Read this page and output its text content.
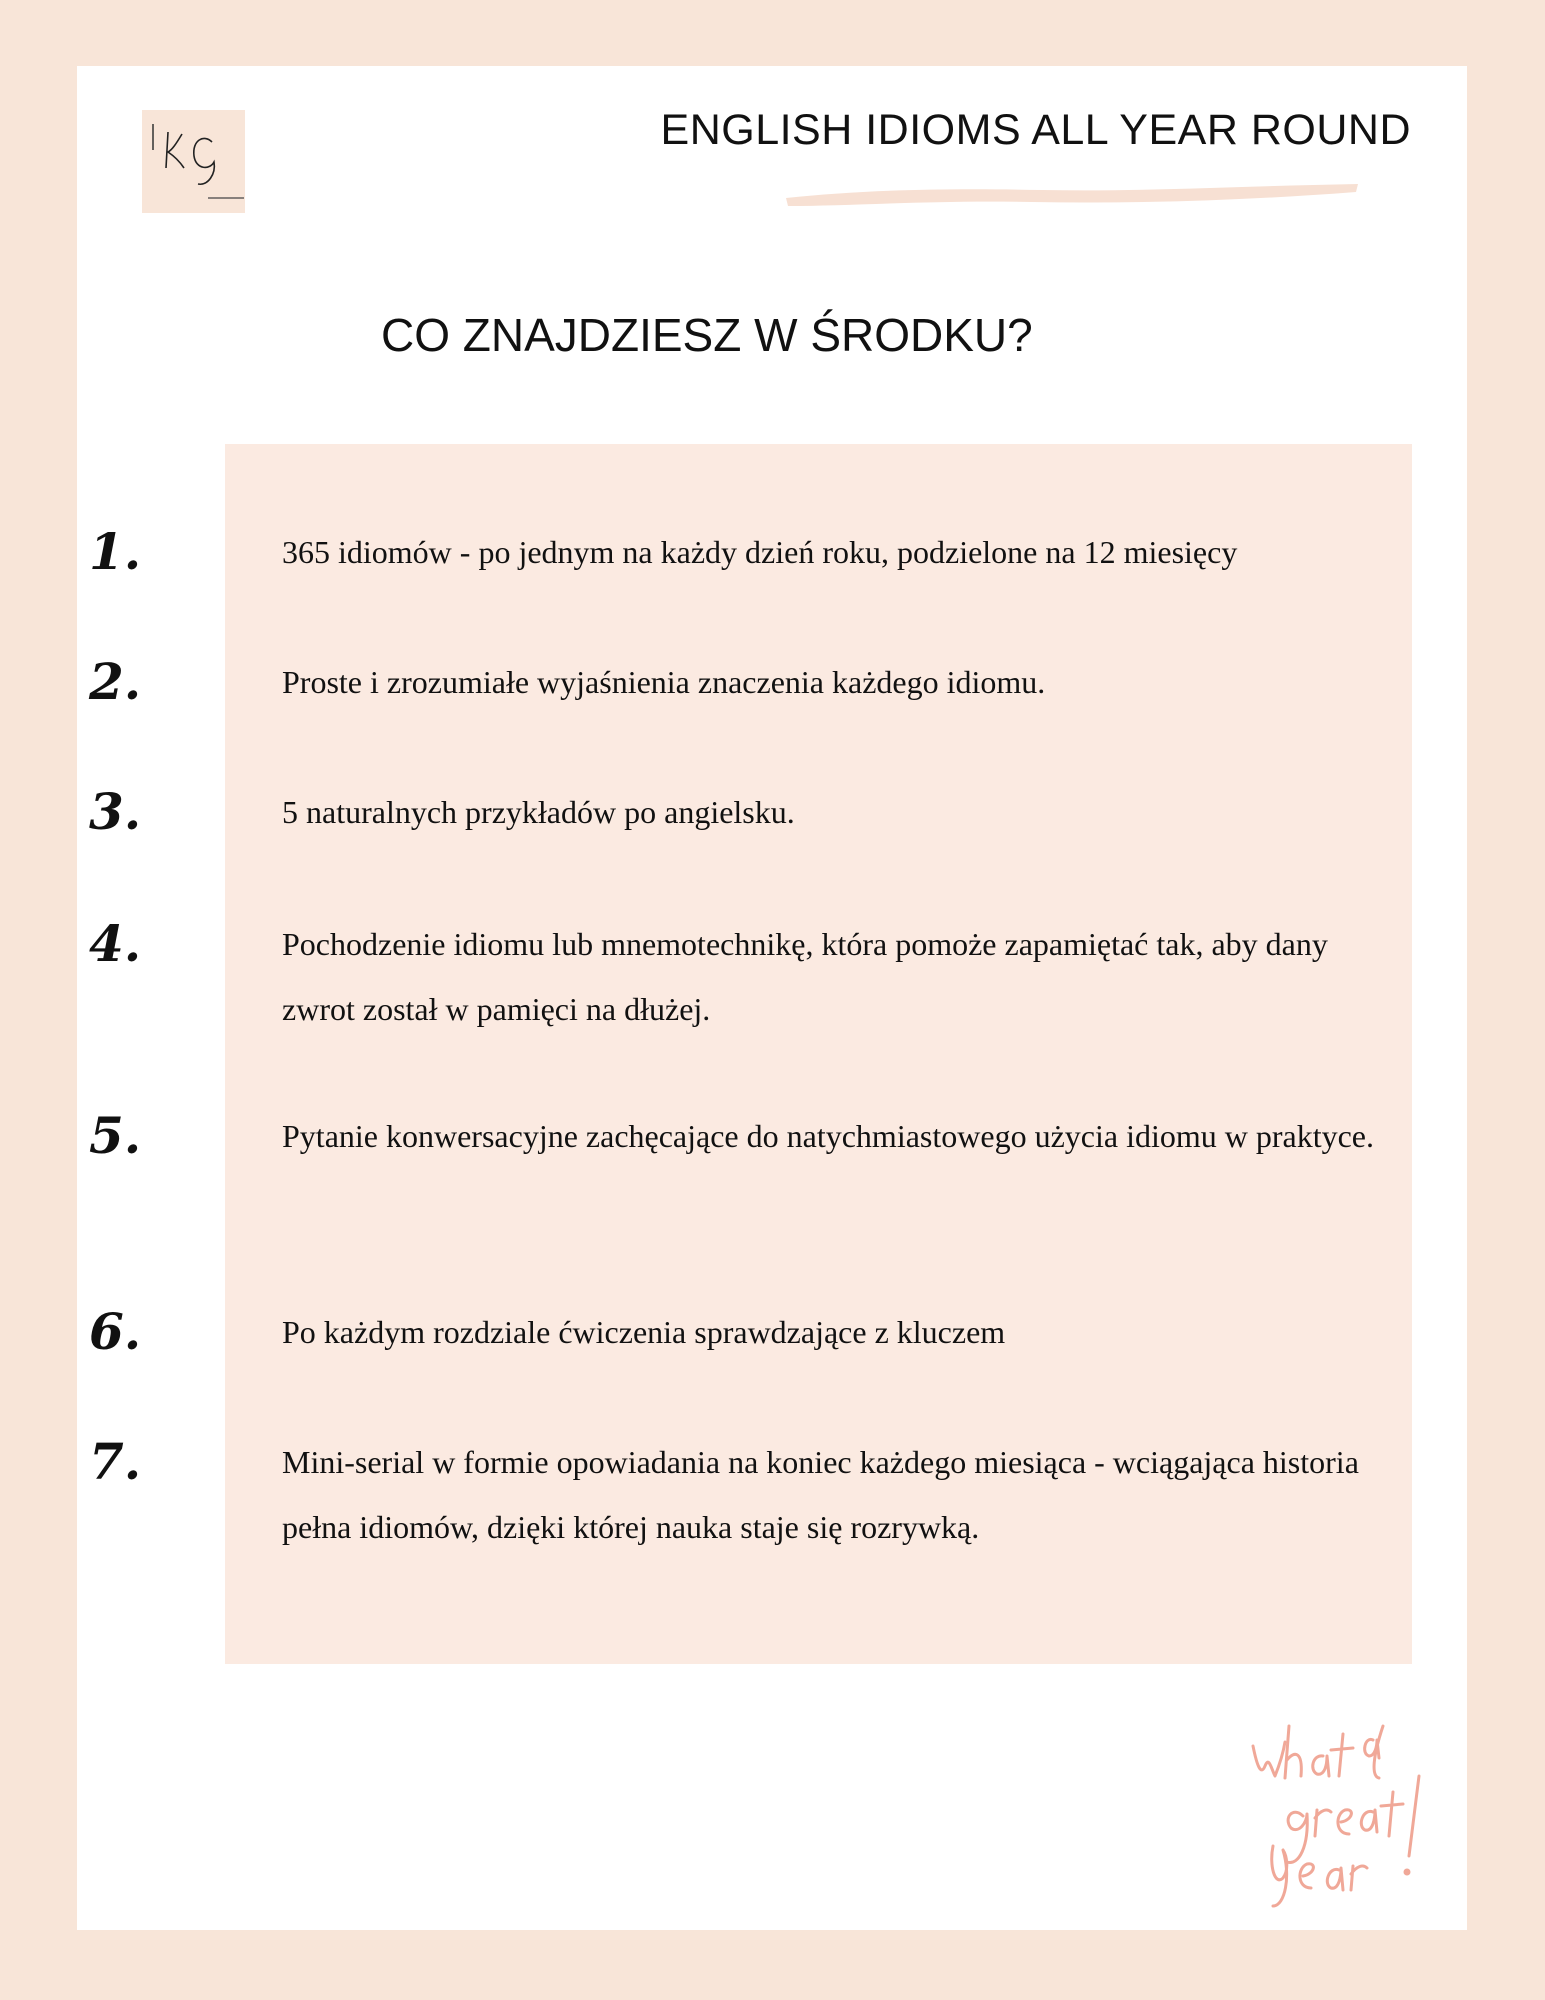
ENGLISH IDIOMS ALL YEAR ROUND
CO ZNAJDZIESZ W ŚRODKU?
1.	365 idiomów - po jednym na każdy dzień roku, podzielone na 12 miesięcy
2.	Proste i zrozumiałe wyjaśnienia znaczenia każdego idiomu.
3.	5 naturalnych przykładów po angielsku.
4.	Pochodzenie idiomu lub mnemotechnikę, która pomoże zapamiętać tak, aby dany zwrot został w pamięci na dłużej.
5.	Pytanie konwersacyjne zachęcające do natychmiastowego użycia idiomu w praktyce.
6.	Po każdym rozdziale ćwiczenia sprawdzające z kluczem
7.	Mini-serial w formie opowiadania na koniec każdego miesiąca - wciągająca historia pełna idiomów, dzięki której nauka staje się rozrywką.
